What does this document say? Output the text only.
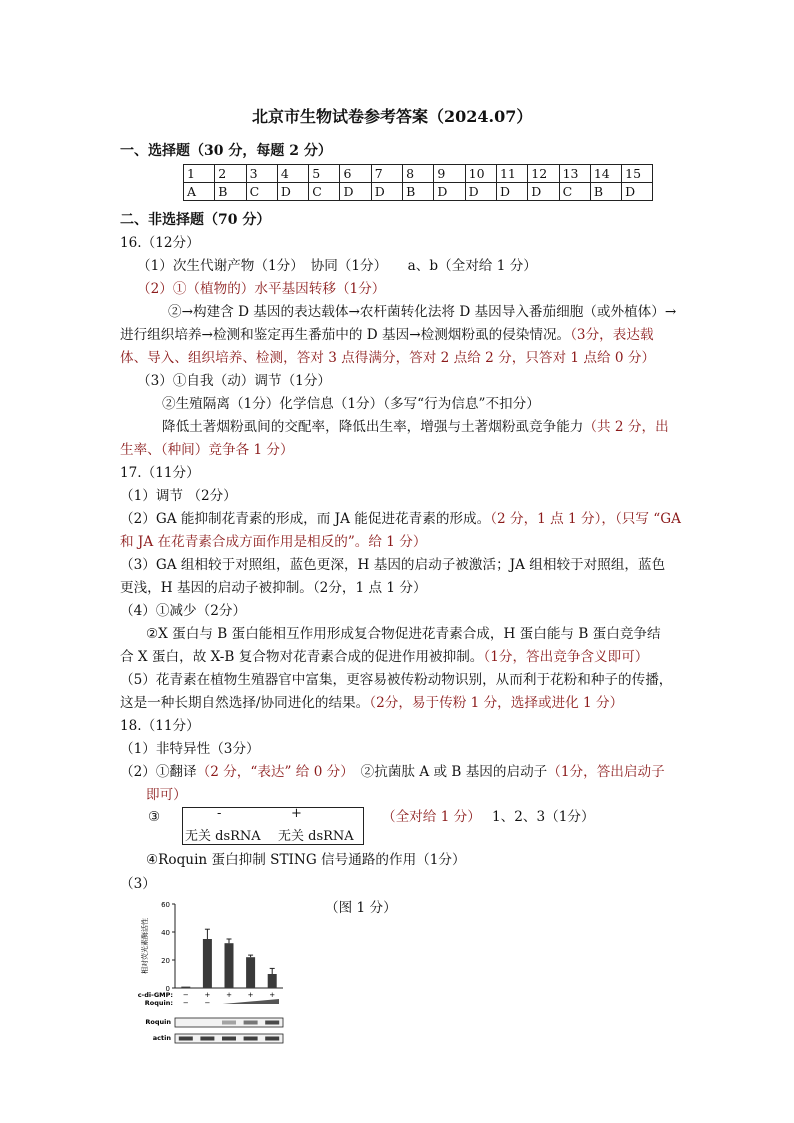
北京市生物试卷参考答案（2024.07）
一、选择题（30 分，每题 2 分）
1	2	3	4	5	6	7	8	9	10	11	12	13	14	15
A	B	C	D	C	D	D	B	D	D	D	D	C	B	D
二、非选择题（70 分）
16.（12分）
（1）次生代谢产物（1分）　协同（1分）　　a、b（全对给 1 分）
（2）①（植物的）水平基因转移（1分）
②→构建含 D 基因的表达载体→农杆菌转化法将 D 基因导入番茄细胞（或外植体）→
进行组织培养→检测和鉴定再生番茄中的 D 基因→检测烟粉虱的侵染情况。（3分，表达载
体、导入、组织培养、检测，答对 3 点得满分，答对 2 点给 2 分，只答对 1 点给 0 分）
（3）①自我（动）调节（1分）
②生殖隔离（1分）化学信息（1分）（多写“行为信息”不扣分）
降低土著烟粉虱间的交配率，降低出生率，增强与土著烟粉虱竞争能力（共 2 分，出
生率、（种间）竞争各 1 分）
17.（11分）
（1）调节 （2分）
（2）GA 能抑制花青素的形成，而 JA 能促进花青素的形成。（2 分，1 点 1 分），（只写 “GA
和 JA 在花青素合成方面作用是相反的”。给 1 分）
（3）GA 组相较于对照组，蓝色更深，H 基因的启动子被激活；JA 组相较于对照组，蓝色
更浅，H 基因的启动子被抑制。（2分，1 点 1 分）
（4）①减少（2分）
②X 蛋白与 B 蛋白能相互作用形成复合物促进花青素合成，H 蛋白能与 B 蛋白竞争结
合 X 蛋白，故 X-B 复合物对花青素合成的促进作用被抑制。（1分，答出竞争含义即可）
（5）花青素在植物生殖器官中富集，更容易被传粉动物识别，从而利于花粉和种子的传播，
这是一种长期自然选择/协同进化的结果。（2分，易于传粉 1 分，选择或进化 1 分）
18.（11分）
（1）非特异性（3分）
（2）①翻译（2 分，“表达” 给 0 分）　 ②抗菌肽 A 或 B 基因的启动子（1分，答出启动子
即可）
③	-	+
无关 dsRNA 无关 dsRNA
（全对给 1 分）　 1、2、3（1分）
④Roquin 蛋白抑制 STING 信号通路的作用（1分）
（3）
（图 1 分）
0
20
40
60
相对荧光素酶活性
c-di-GMP: − + + + +
Roquin: − −
Roquin
actin
